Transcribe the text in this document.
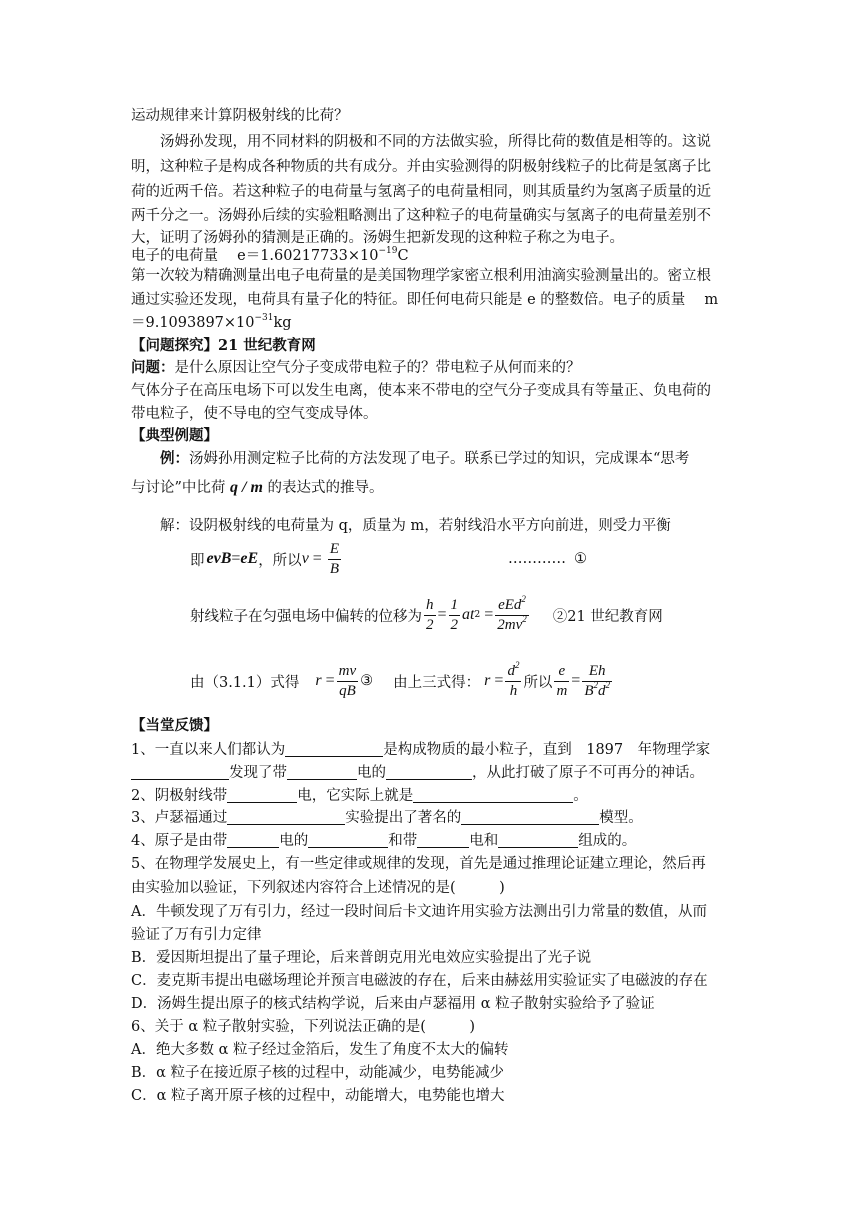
运动规律来计算阴极射线的比荷？
汤姆孙发现，用不同材料的阴极和不同的方法做实验，所得比荷的数值是相等的。这说
明，这种粒子是构成各种物质的共有成分。并由实验测得的阴极射线粒子的比荷是氢离子比
荷的近两千倍。若这种粒子的电荷量与氢离子的电荷量相同，则其质量约为氢离子质量的近
两千分之一。汤姆孙后续的实验粗略测出了这种粒子的电荷量确实与氢离子的电荷量差别不
大，证明了汤姆孙的猜测是正确的。汤姆生把新发现的这种粒子称之为电子。
电子的电荷量　 $e=1.60217733\times 10^{-19}C$
第一次较为精确测量出电子电荷量的是美国物理学家密立根利用油滴实验测量出的。密立根
通过实验还发现，电荷具有量子化的特征。即任何电荷只能是 e 的整数倍。电子的质量　 m
$=9.1093897\times 10^{-31}kg$
【问题探究】21 世纪教育网
问题：是什么原因让空气分子变成带电粒子的？带电粒子从何而来的？
气体分子在高压电场下可以发生电离，使本来不带电的空气分子变成具有等量正、负电荷的
带电粒子，使不导电的空气变成导体。
【典型例题】
例：汤姆孙用测定粒子比荷的方法发现了电子。联系已学过的知识，完成课本“思考
与讨论”中比荷 q / m 的表达式的推导。
解：设阴极射线的电荷量为 q，质量为 m，若射线沿水平方向前进，则受力平衡
即 evB = eE ，所以 $v = \frac{E}{B}$	………… ①
射线粒子在匀强电场中偏转的位移为 $\frac{h}{2} = \frac{1}{2}$ at $2 = \frac{eEd^2}{2mv^2}$ ②21 世纪教育网
由（3.1.1）式得 $r = \frac{mv}{qB}$ ③ 由上三式得： $r = \frac{d^2}{h}$ 所以 $\frac{e}{m} = \frac{Eh}{B^2d^2}$
【当堂反馈】
1、一直以来人们都认为	是构成物质的最小粒子，直到　1897　年物理学家
发现了带	电的	，从此打破了原子不可再分的神话。
2、阴极射线带	电，它实际上就是	。
3、卢瑟福通过	实验提出了著名的	模型。
4、原子是由带	电的	和带	电和	组成的。
5、在物理学发展史上，有一些定律或规律的发现，首先是通过推理论证建立理论，然后再
由实验加以验证，下列叙述内容符合上述情况的是(　　　)
A．牛顿发现了万有引力，经过一段时间后卡文迪许用实验方法测出引力常量的数值，从而
验证了万有引力定律
B．爱因斯坦提出了量子理论，后来普朗克用光电效应实验提出了光子说
C．麦克斯韦提出电磁场理论并预言电磁波的存在，后来由赫兹用实验证实了电磁波的存在
D．汤姆生提出原子的核式结构学说，后来由卢瑟福用 α 粒子散射实验给予了验证
6、关于 α 粒子散射实验，下列说法正确的是(　　　)
A．绝大多数 α 粒子经过金箔后，发生了角度不太大的偏转
B．α 粒子在接近原子核的过程中，动能减少，电势能减少
C．α 粒子离开原子核的过程中，动能增大，电势能也增大
